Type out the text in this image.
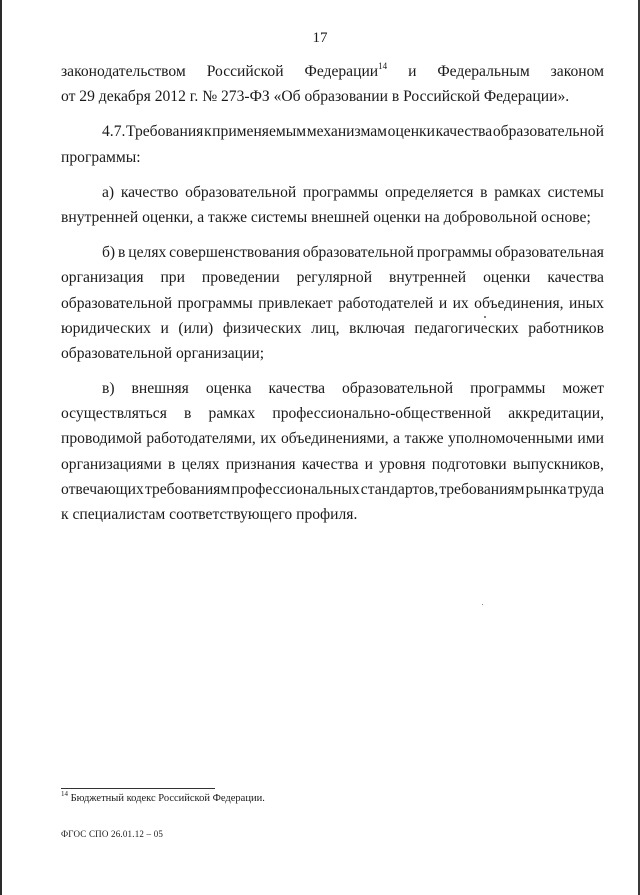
17
законодательством Российской Федерации$^{14}$ и Федеральным законом
от 29 декабря 2012 г. № 273-ФЗ «Об образовании в Российской Федерации».
4.7. Требования к применяемым механизмам оценки качества образовательной
программы:
а) качество образовательной программы определяется в рамках системы
внутренней оценки, а также системы внешней оценки на добровольной основе;
б) в целях совершенствования образовательной программы образовательная
организация при проведении регулярной внутренней оценки качества
образовательной программы привлекает работодателей и их объединения, иных
юридических и (или) физических лиц, включая педагогических работников
образовательной организации;
в) внешняя оценка качества образовательной программы может
осуществляться в рамках профессионально-общественной аккредитации,
проводимой работодателями, их объединениями, а также уполномоченными ими
организациями в целях признания качества и уровня подготовки выпускников,
отвечающих требованиям профессиональных стандартов, требованиям рынка труда
к специалистам соответствующего профиля.
$^{14}$ Бюджетный кодекс Российской Федерации.
ФГОС СПО 26.01.12 – 05
